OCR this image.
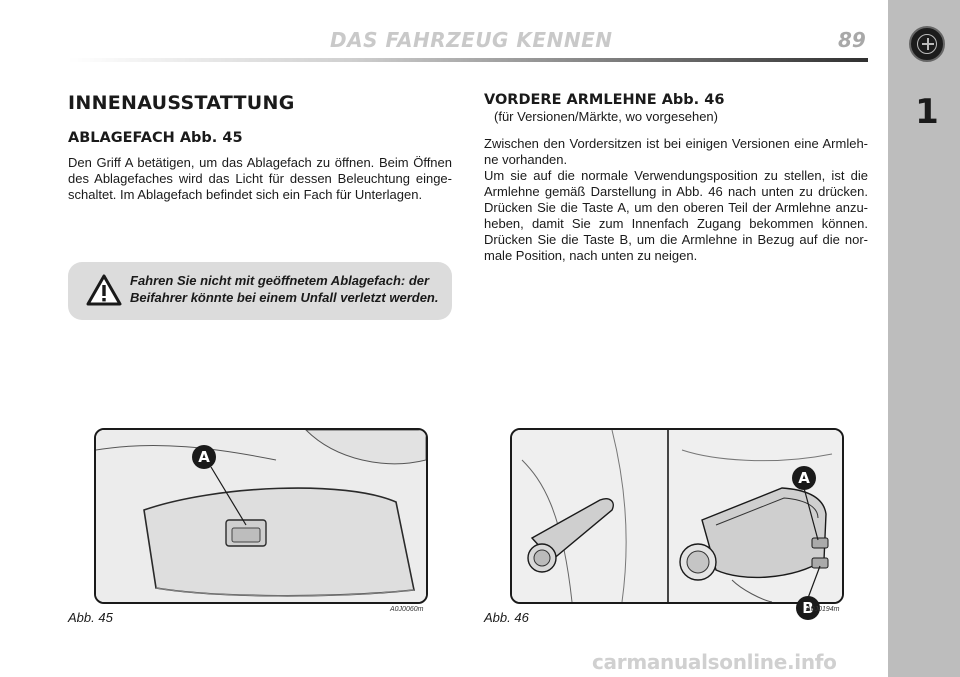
DAS FAHRZEUG KENNEN	89
1
INNENAUSSTATTUNG
ABLAGEFACH Abb. 45

Den Griff A betätigen, um das Ablagefach zu öffnen. Beim Öffnen des Ablagefaches wird das Licht für dessen Beleuchtung einge- schaltet. Im Ablagefach befindet sich ein Fach für Unterlagen.

Fahren Sie nicht mit geöffnetem Ablagefach: der Beifahrer könnte bei einem Unfall verletzt werden.
VORDERE ARMLEHNE Abb. 46
(für Versionen/Märkte, wo vorgesehen)

Zwischen den Vordersitzen ist bei einigen Versionen eine Armleh- ne vorhanden.

Um sie auf die normale Verwendungsposition zu stellen, ist die Armlehne gemäß Darstellung in Abb. 46 nach unten zu drücken. Drücken Sie die Taste A, um den oberen Teil der Armlehne anzu- heben, damit Sie zum Innenfach Zugang bekommen können. Drücken Sie die Taste B, um die Armlehne in Bezug auf die nor- male Position, nach unten zu neigen.

A
Abb. 45
A0J0060m
A
B
Abb. 46
A0J0194m
carmanualsonline.info
